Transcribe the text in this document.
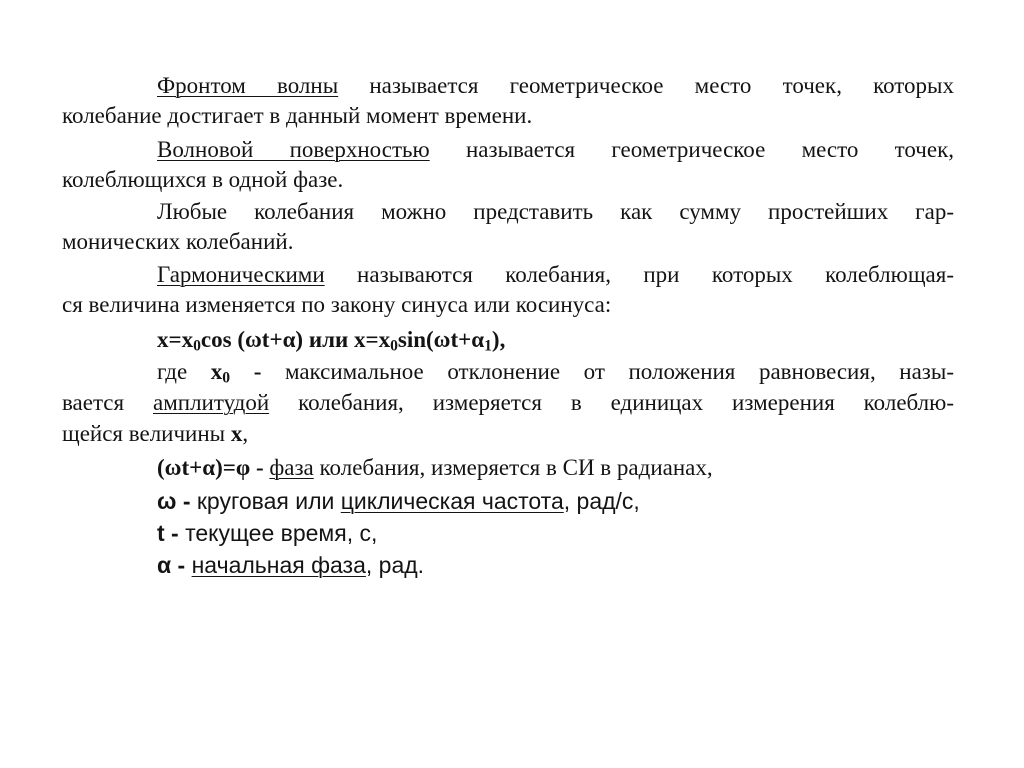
Фронтом волны называется геометрическое место точек, которых
колебание достигает в данный момент времени.
Волновой поверхностью называется геометрическое место точек,
колеблющихся в одной фазе.
Любые колебания можно представить как сумму простейших гар-
монических колебаний.
Гармоническими называются колебания, при которых колеблющая-
ся величина изменяется по закону синуса или косинуса:
$x=x_0\cos$ (ωt+α) или $x=x_0\sin(\omega t+\alpha_1)$,
где $x_0$ - максимальное отклонение от положения равновесия, назы-
вается амплитудой колебания, измеряется в единицах измерения колеблю-
щейся величины x,
(ωt+α)=φ - фаза колебания, измеряется в СИ в радианах,
ω - круговая или циклическая частота, рад/с,
t - текущее время, с,
α - начальная фаза, рад.
